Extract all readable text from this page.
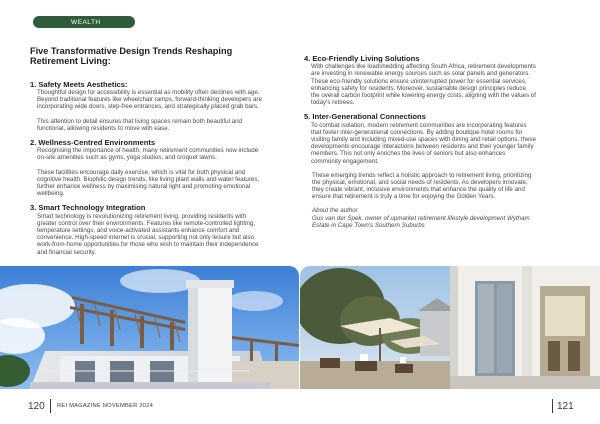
WEALTH
Five Transformative Design Trends Reshaping Retirement Living:
1. Safety Meets Aesthetics:

Thoughtful design for accessibility is essential as mobility often declines with age. Beyond traditional features like wheelchair ramps, forward-thinking developers are incorporating wide doors, step-free entrances, and strategically placed grab bars.

This attention to detail ensures that living spaces remain both beautiful and functional, allowing residents to move with ease.

2. Wellness-Centred Environments

Recognising the importance of health, many retirement communities now include on-site amenities such as gyms, yoga studios, and croquet lawns.

These facilities encourage daily exercise, which is vital for both physical and cognitive health. Biophilic design trends, like living plant walls and water features, further enhance wellness by maximising natural light and promoting emotional wellbeing.

3. Smart Technology Integration

Smart technology is revolutionizing retirement living, providing residents with greater control over their environments. Features like remote-controlled lighting, temperature settings, and voice-activated assistants enhance comfort and convenience. High-speed internet is crucial, supporting not only leisure but also work-from-home opportunities for those who wish to maintain their independence and financial security.

4. Eco-Friendly Living Solutions

With challenges like loadshedding affecting South Africa, retirement developments are investing in renewable energy sources such as solar panels and generators. These eco-friendly solutions ensure uninterrupted power for essential services, enhancing safety for residents. Moreover, sustainable design principles reduce the overall carbon footprint while lowering energy costs, aligning with the values of today's retirees.

5. Inter-Generational Connections

To combat isolation, modern retirement communities are incorporating features that foster inter-generational connections. By adding boutique hotel rooms for visiting family and including mixed-use spaces with dining and retail options, these developments encourage interactions between residents and their younger family members. This not only enriches the lives of seniors but also enhances community engagement.

These emerging trends reflect a holistic approach to retirement living, prioritizing the physical, emotional, and social needs of residents. As developers innovate, they create vibrant, inclusive environments that enhance the quality of life and ensure that retirement is truly a time for enjoying the Golden Years.

About the author

Gus van der Spek, owner of upmarket retirement lifestyle development Wytham Estate in Cape Town's Southern Suburbs

120 REI MAGAZINE NOVEMBER 2024	121
